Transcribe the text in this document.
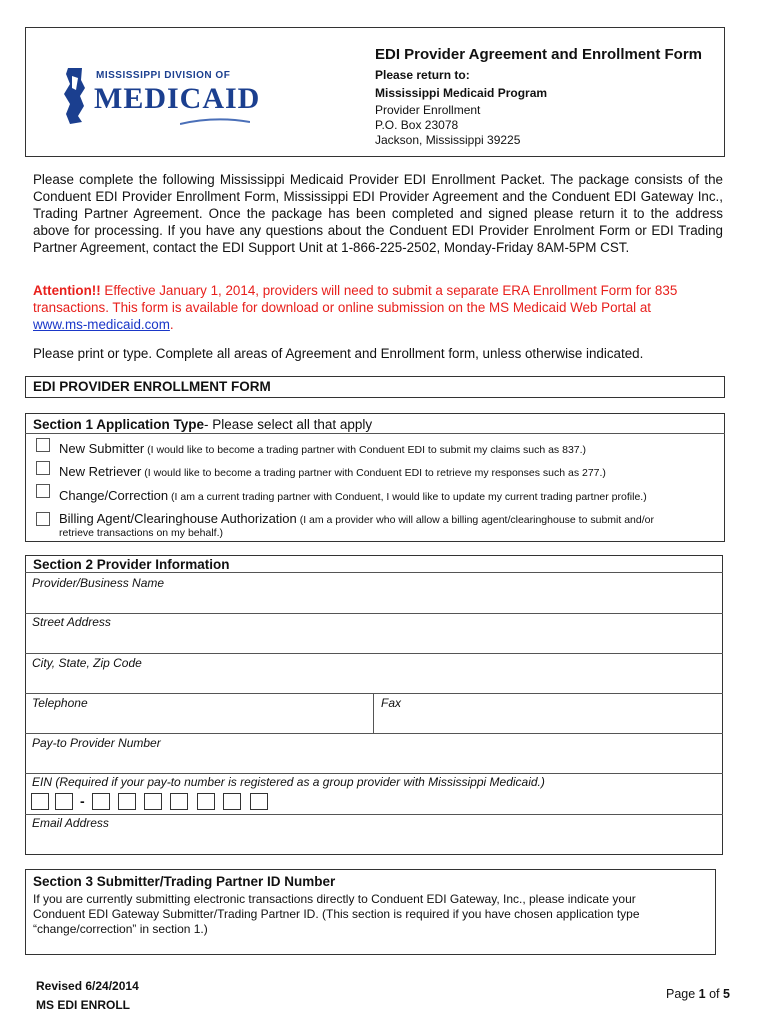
MISSISSIPPI DIVISION OF
MEDICAID
EDI Provider Agreement and Enrollment Form
Please return to:
Mississippi Medicaid Program
Provider Enrollment
P.O. Box 23078
Jackson, Mississippi 39225
Please complete the following Mississippi Medicaid Provider EDI Enrollment Packet. The package consists of the Conduent EDI Provider Enrollment Form, Mississippi EDI Provider Agreement and the Conduent EDI Gateway Inc., Trading Partner Agreement. Once the package has been completed and signed please return it to the address above for processing. If you have any questions about the Conduent EDI Provider Enrolment Form or EDI Trading Partner Agreement, contact the EDI Support Unit at 1-866-225-2502, Monday-Friday 8AM-5PM CST.
Attention!! Effective January 1, 2014, providers will need to submit a separate ERA Enrollment Form for 835 transactions. This form is available for download or online submission on the MS Medicaid Web Portal at www.ms-medicaid.com.
Please print or type. Complete all areas of Agreement and Enrollment form, unless otherwise indicated.
EDI PROVIDER ENROLLMENT FORM
Section 1 Application Type- Please select all that apply
New Submitter (I would like to become a trading partner with Conduent EDI to submit my claims such as 837.)
New Retriever (I would like to become a trading partner with Conduent EDI to retrieve my responses such as 277.)
Change/Correction (I am a current trading partner with Conduent, I would like to update my current trading partner profile.)
Billing Agent/Clearinghouse Authorization (I am a provider who will allow a billing agent/clearinghouse to submit and/or
retrieve transactions on my behalf.)
Section 2 Provider Information
Provider/Business Name
Street Address
City, State, Zip Code
Telephone	Fax
Pay-to Provider Number
EIN (Required if your pay-to number is registered as a group provider with Mississippi Medicaid.)
-
Email Address
Section 3 Submitter/Trading Partner ID Number
If you are currently submitting electronic transactions directly to Conduent EDI Gateway, Inc., please indicate your
Conduent EDI Gateway Submitter/Trading Partner ID. (This section is required if you have chosen application type
“change/correction” in section 1.)
Revised 6/24/2014
MS EDI ENROLL
Page 1 of 5
